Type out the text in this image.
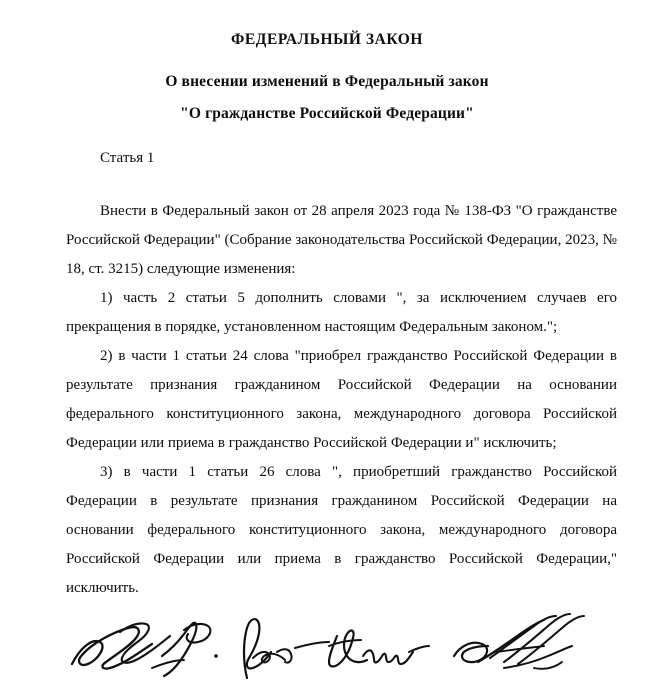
ФЕДЕРАЛЬНЫЙ ЗАКОН
О внесении изменений в Федеральный закон
"О гражданстве Российской Федерации"
Статья 1

Внести в Федеральный закон от 28 апреля 2023 года № 138-ФЗ "О гражданстве Российской Федерации" (Собрание законодательства Российской Федерации, 2023, № 18, ст. 3215) следующие изменения:

1) часть 2 статьи 5 дополнить словами ", за исключением случаев его прекращения в порядке, установленном настоящим Федеральным законом.";

2) в части 1 статьи 24 слова "приобрел гражданство Российской Федерации в результате признания гражданином Российской Федерации на основании федерального конституционного закона, международного договора Российской Федерации или приема в гражданство Российской Федерации и" исключить;

3) в части 1 статьи 26 слова ", приобретший гражданство Российской Федерации в результате признания гражданином Российской Федерации на основании федерального конституционного закона, международного договора Российской Федерации или приема в гражданство Российской Федерации," исключить.
